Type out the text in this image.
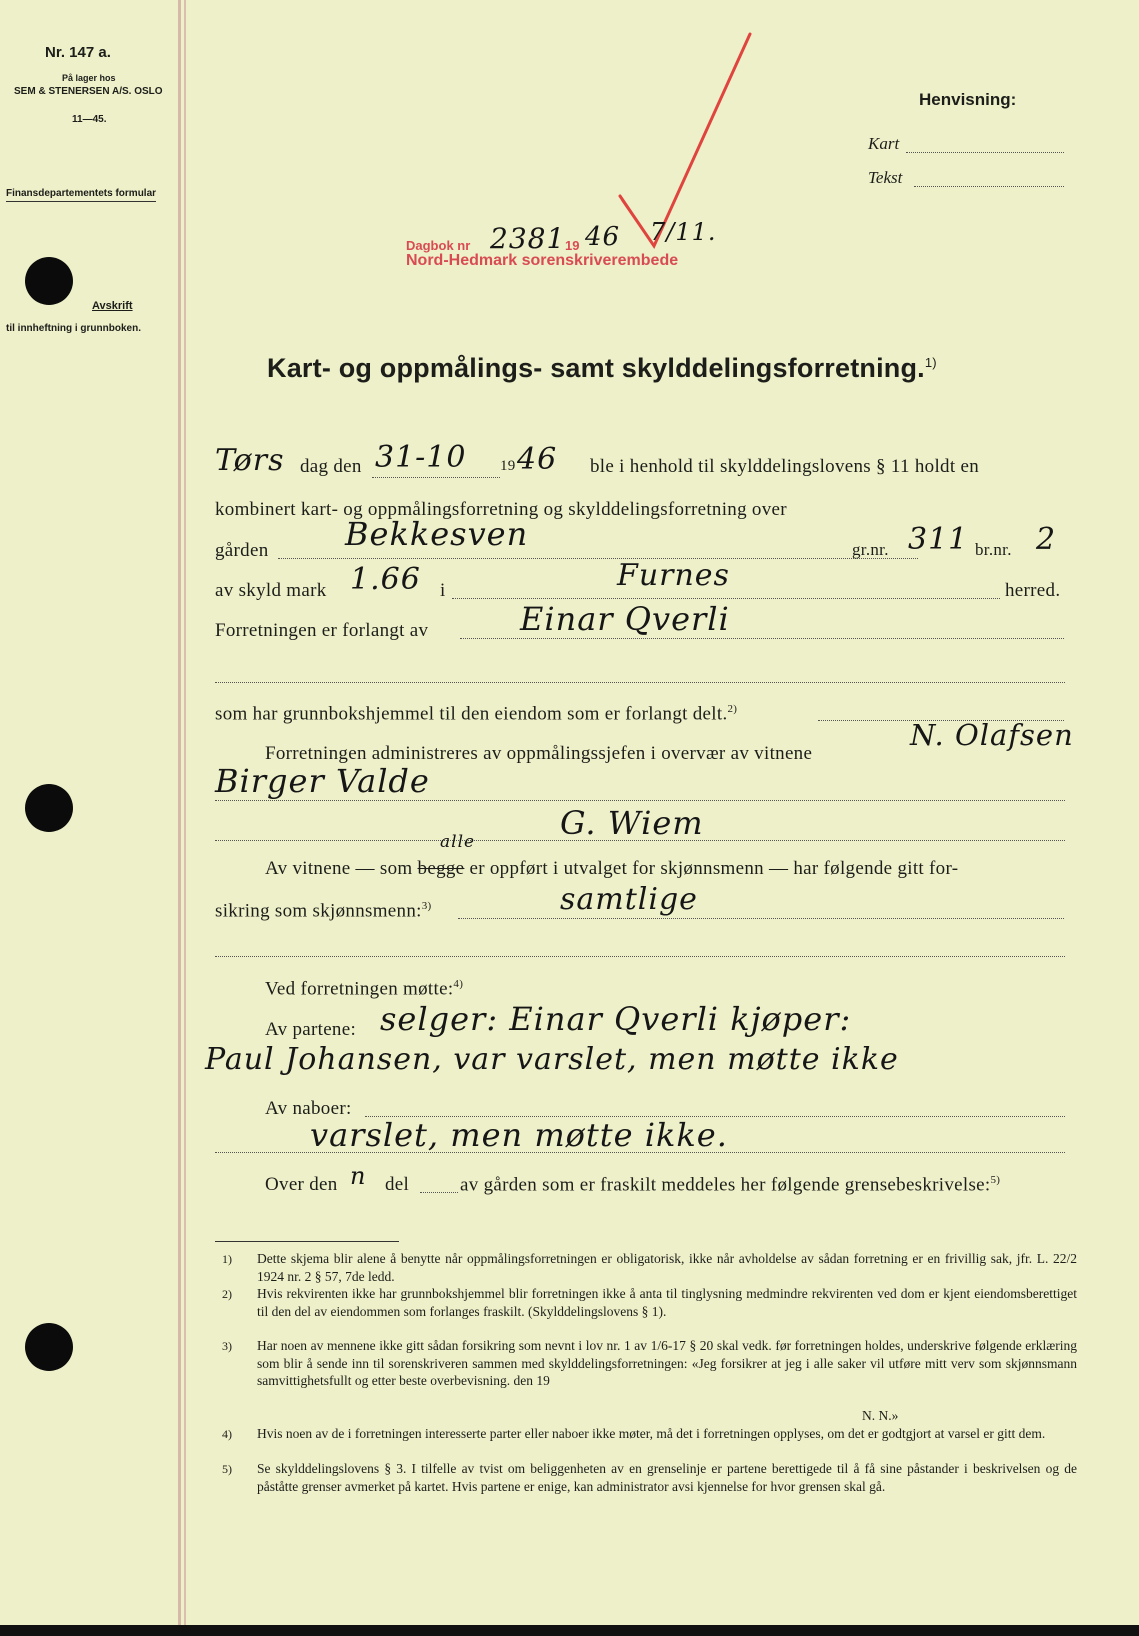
Nr. 147 a.
På lager hos
SEM & STENERSEN A/S. OSLO
11—45.
Finansdepartementets formular
Avskrift
til innheftning i grunnboken.
Henvisning:
Kart
Tekst
Dagbok nr 2381 19 46 7/11.
Nord-Hedmark sorenskriverembede
Kart- og oppmålings- samt skylddelingsforretning.$^{1)}$
Tørs dag den 31-10 19 46 ble i henhold til skylddelingslovens § 11 holdt en
kombinert kart- og oppmålingsforretning og skylddelingsforretning over
gården Bekkesven	gr.nr. 311 br.nr. 2
av skyld mark 1.66 i	Furnes	herred.
Forretningen er forlangt av	Einar Qverli
som har grunnbokshjemmel til den eiendom som er forlangt delt.$^{2)}$
Forretningen administreres av oppmålingssjefen i overvær av vitnene
N. Olafsen
Birger Valde
G. Wiem
alle
Av vitnene — som begge er oppført i utvalget for skjønnsmenn — har følgende gitt for-
sikring som skjønnsmenn:$^{3)}$	samtlige
Ved forretningen møtte:$^{4)}$
Av partene: selger: Einar Qverli kjøper:
Paul Johansen, var varslet, men møtte ikke
Av naboer:
varslet, men møtte ikke.
Over den n del	av gården som er fraskilt meddeles her følgende grensebeskrivelse:$^{5)}$
1) Dette skjema blir alene å benytte når oppmålingsforretningen er obligatorisk, ikke når avholdelse av sådan forretning er en frivillig sak, jfr. L. 22/2 1924 nr. 2 § 57, 7de ledd.
2) Hvis rekvirenten ikke har grunnbokshjemmel blir forretningen ikke å anta til tinglysning medmindre rekvirenten ved dom er kjent eiendomsberettiget til den del av eiendommen som forlanges fraskilt. (Skylddelingslovens § 1).
3) Har noen av mennene ikke gitt sådan forsikring som nevnt i lov nr. 1 av 1/6-17 § 20 skal vedk. før forretningen holdes, underskrive følgende erklæring som blir å sende inn til sorenskriveren sammen med skylddelingsforretningen: «Jeg forsikrer at jeg i alle saker vil utføre mitt verv som skjønnsmann samvittighetsfullt og etter beste overbevisning. den 19
N. N.»
4) Hvis noen av de i forretningen interesserte parter eller naboer ikke møter, må det i forretningen opplyses, om det er godtgjort at varsel er gitt dem.
5) Se skylddelingslovens § 3. I tilfelle av tvist om beliggenheten av en grenselinje er partene berettigede til å få sine påstander i beskrivelsen og de påståtte grenser avmerket på kartet. Hvis partene er enige, kan administrator avsi kjennelse for hvor grensen skal gå.
